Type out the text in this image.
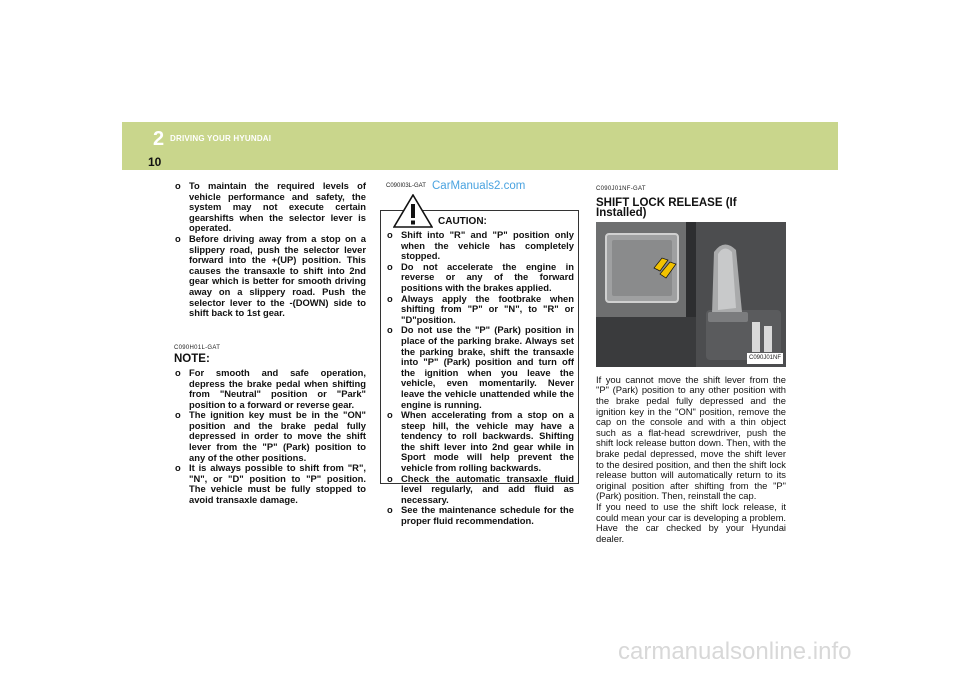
2 DRIVING YOUR HYUNDAI
10
o To maintain the required levels of vehicle performance and safety, the system may not execute certain gearshifts when the selector lever is operated.
o Before driving away from a stop on a slippery road, push the selector lever forward into the +(UP) position. This causes the transaxle to shift into 2nd gear which is better for smooth driving away on a slippery road. Push the selector lever to the -(DOWN) side to shift back to 1st gear.
C090H01L-GAT
NOTE:
o For smooth and safe operation, depress the brake pedal when shifting from "Neutral" position or "Park" position to a forward or reverse gear.
o The ignition key must be in the "ON" position and the brake pedal fully depressed in order to move the shift lever from the "P" (Park) position to any of the other positions.
o It is always possible to shift from "R", "N", or "D" position to "P" position. The vehicle must be fully stopped to avoid transaxle damage.
C090I03L-GAT CarManuals2.com
CAUTION:
o Shift into "R" and "P" position only when the vehicle has completely stopped.
o Do not accelerate the engine in reverse or any of the forward positions with the brakes applied.
o Always apply the footbrake when shifting from "P" or "N", to "R" or "D"position.
o Do not use the "P" (Park) position in place of the parking brake. Always set the parking brake, shift the transaxle into "P" (Park) position and turn off the ignition when you leave the vehicle, even momentarily. Never leave the vehicle unattended while the engine is running.
o When accelerating from a stop on a steep hill, the vehicle may have a tendency to roll backwards. Shifting the shift lever into 2nd gear while in Sport mode will help prevent the vehicle from rolling backwards.
o Check the automatic transaxle fluid level regularly, and add fluid as necessary.
o See the maintenance schedule for the proper fluid recommendation.
C090J01NF-GAT
SHIFT LOCK RELEASE (If Installed)
C090J01NF
If you cannot move the shift lever from the "P" (Park) position to any other position with the brake pedal fully depressed and the ignition key in the "ON" position, remove the cap on the console and with a thin object such as a flat-head screwdriver, push the shift lock release button down. Then, with the brake pedal depressed, move the shift lever to the desired position, and then the shift lock release button will automatically return to its original position after shifting from the "P" (Park) position. Then, reinstall the cap.
If you need to use the shift lock release, it could mean your car is developing a problem. Have the car checked by your Hyundai dealer.
carmanualsonline.info
